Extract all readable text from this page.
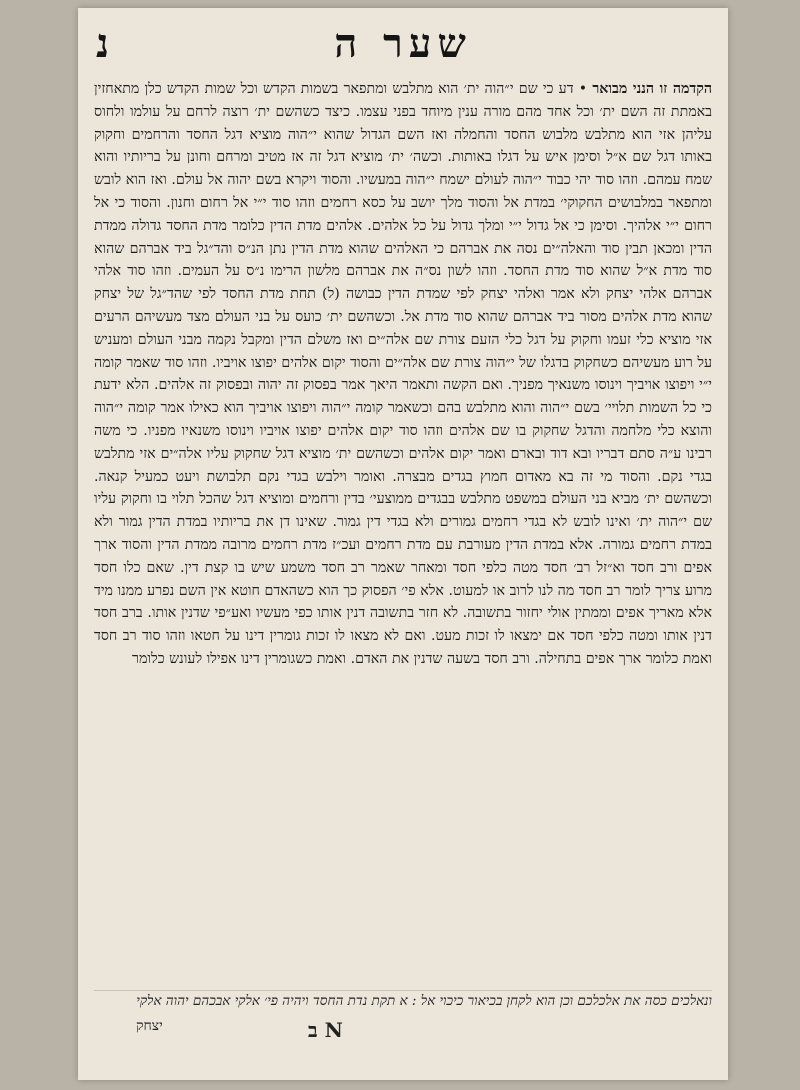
שער ה
נ

הקדמה זו הנני מבואר • דע כי שם י״הוה ית׳ הוא מתלבש ומתפאר בשמות הקדש וכל שמות הקדש כלן מתאחזין באמתת זה השם ית׳ וכל אחד מהם מורה ענין מיוחד בפני עצמו. כיצד כשהשם ית׳ רוצה לרחם על עולמו ולחוס עליהן אזי הוא מתלבש מלבוש החסד והחמלה ואז השם הגדול שהוא י״הוה מוציא דגל החסד והרחמים וחקוק באותו דגל שם א״ל וסימן איש על דגלו באותות. וכשה׳ ית׳ מוציא דגל זה אז מטיב ומרחם וחונן על בריותיו והוא שמח עמהם. וזהו סוד יהי כבוד י״הוה לעולם ישמח י״הוה במעשיו. והסוד ויקרא בשם יהוה אל עולם. ואז הוא לובש ומתפאר במלבושים החקוקי׳ במדת אל והסוד מלך יושב על כסא רחמים וזהו סוד י״י אל רחום וחנון. והסוד כי אל רחום י״י אלהיך. וסימן כי אל גדול י״י ומלך גדול על כל אלהים. אלהים מדת הדין כלומר מדת החסד גדולה ממדת הדין ומכאן תבין סוד והאלה״ים נסה את אברהם כי האלהים שהוא מדת הדין נתן הנ״ס והד״גל ביד אברהם שהוא סוד מדת א״ל שהוא סוד מדת החסד. וזהו לשון נס״ה את אברהם מלשון הרימו נ״ס על העמים. וזהו סוד אלהי אברהם אלהי יצחק ולא אמר ואלהי יצחק לפי שמדת הדין כבושה (ל) תחת מדת החסד לפי שהד״גל של יצחק שהוא מדת אלהים מסור ביד אברהם שהוא סוד מדת אל. וכשהשם ית׳ כועס על בני העולם מצד מעשיהם הרעים אזי מוציא כלי זעמו וחקוק על דגל כלי הזעם צורת שם אלה״ים ואז משלם הדין ומקבל נקמה מבני העולם ומעניש על רוע מעשיהם כשחקוק בדגלו של י״הוה צורת שם אלה״ים והסוד יקום אלהים יפוצו אויביו. וזהו סוד שאמר קומה י״י ויפוצו אויביך וינוסו משנאיך מפניך. ואם הקשה ותאמר היאך אמר בפסוק זה יהוה ובפסוק זה אלהים. הלא ידעת כי כל השמות תלויי׳ בשם י״הוה והוא מתלבש בהם וכשאמר קומה י״הוה ויפוצו אויביך הוא כאילו אמר קומה י״הוה והוצא כלי מלחמה והדגל שחקוק בו שם אלהים וזהו סוד יקום אלהים יפוצו אויביו וינוסו משנאיו מפניו. כי משה רבינו ע״ה סתם דבריו ובא דוד ובארם ואמר יקום אלהים וכשהשם ית׳ מוציא דגל שחקוק עליו אלה״ים אזי מתלבש בגדי נקם. והסוד מי זה בא מאדום חמוץ בגדים מבצרה. ואומר וילבש בגדי נקם תלבושת ויעט כמעיל קנאה. וכשהשם ית׳ מביא בני העולם במשפט מתלבש בבגדים ממוצעי׳ בדין ורחמים ומוציא דגל שהכל תלוי בו וחקוק עליו שם י״הוה ית׳ ואינו לובש לא בגדי רחמים גמורים ולא בגדי דין גמור. שאינו דן את בריותיו במדת הדין גמור ולא במדת רחמים גמורה. אלא במדת הדין מעורבת עם מדת רחמים ועכ״ז מדת רחמים מרובה ממדת הדין והסוד ארך אפים ורב חסד וא״זל רב׳ חסד מטה כלפי חסד ומאחר שאמר רב חסד משמע שיש בו קצת דין. שאם כלו חסד מרוע צריך לומר רב חסד מה לנו לרוב או למעוט. אלא פי׳ הפסוק כך הוא כשהאדם חוטא אין השם נפרע ממנו מיד אלא מאריך אפים וממתין אולי יחזור בתשובה. לא חזר בתשובה דנין אותו כפי מעשיו ואע״פי שדנין אותו. ברב חסד דנין אותו ומטה כלפי חסד אם ימצאו לו זכות מעט. ואם לא מצאו לו זכות גומרין דינו על חטאו וזהו סוד רב חסד ואמת כלומר ארך אפים בתחילה. ורב חסד בשעה שדנין את האדם. ואמת כשגומרין דינו אפילו לעונש כלומר

ונאלכים כסה את אלכלכם וכן הוא לקחן בכיאור כיכוי אל : א תקת נדת החסד ויהיה פי׳ אלקי אבכהם יהוה אלקי
יצחק	N ב
